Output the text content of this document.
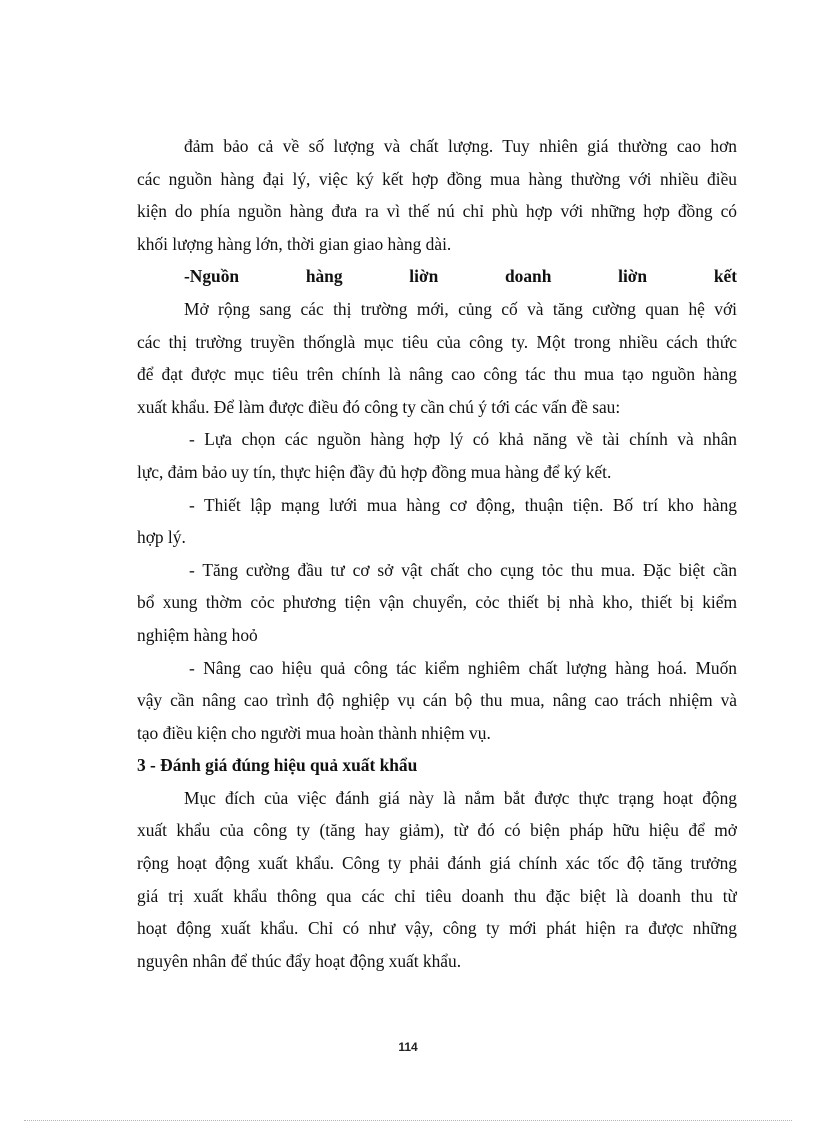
đảm bảo cả về số lượng và chất lượng. Tuy nhiên giá thường cao hơn
các nguồn hàng đại lý, việc ký kết hợp đồng mua hàng thường với nhiều điều
kiện do phía nguồn hàng đưa ra vì thế nú chỉ phù hợp với những hợp đồng có
khối lượng hàng lớn, thời gian giao hàng dài.
-Nguồn hàng liờn doanh liờn kết
Mở rộng sang các thị trường mới, củng cố và tăng cường quan hệ với
các thị trường truyền thốnglà mục tiêu của công ty. Một trong nhiều cách thức
để đạt được mục tiêu trên chính là nâng cao công tác thu mua tạo nguồn hàng
xuất khẩu. Để làm được điều đó công ty cần chú ý tới các vấn đề sau:
- Lựa chọn các nguồn hàng hợp lý có khả năng về tài chính và nhân
lực, đảm bảo uy tín, thực hiện đầy đủ hợp đồng mua hàng để ký kết.
- Thiết lập mạng lưới mua hàng cơ động, thuận tiện. Bố trí kho hàng
hợp lý.
- Tăng cường đầu tư cơ sở vật chất cho cụng tỏc thu mua. Đặc biệt cần
bổ xung thờm cỏc phương tiện vận chuyển, cỏc thiết bị nhà kho, thiết bị kiểm
nghiệm hàng hoỏ
- Nâng cao hiệu quả công tác kiểm nghiêm chất lượng hàng hoá. Muốn
vậy cần nâng cao trình độ nghiệp vụ cán bộ thu mua, nâng cao trách nhiệm và
tạo điều kiện cho người mua hoàn thành nhiệm vụ.
3 - Đánh giá đúng hiệu quả xuất khẩu
Mục đích của việc đánh giá này là nắm bắt được thực trạng hoạt động
xuất khẩu của công ty (tăng hay giảm), từ đó có biện pháp hữu hiệu để mở
rộng hoạt động xuất khẩu. Công ty phải đánh giá chính xác tốc độ tăng trưởng
giá trị xuất khẩu thông qua các chỉ tiêu doanh thu đặc biệt là doanh thu từ
hoạt động xuất khẩu. Chỉ có như vậy, công ty mới phát hiện ra được những
nguyên nhân để thúc đẩy hoạt động xuất khẩu.
114
